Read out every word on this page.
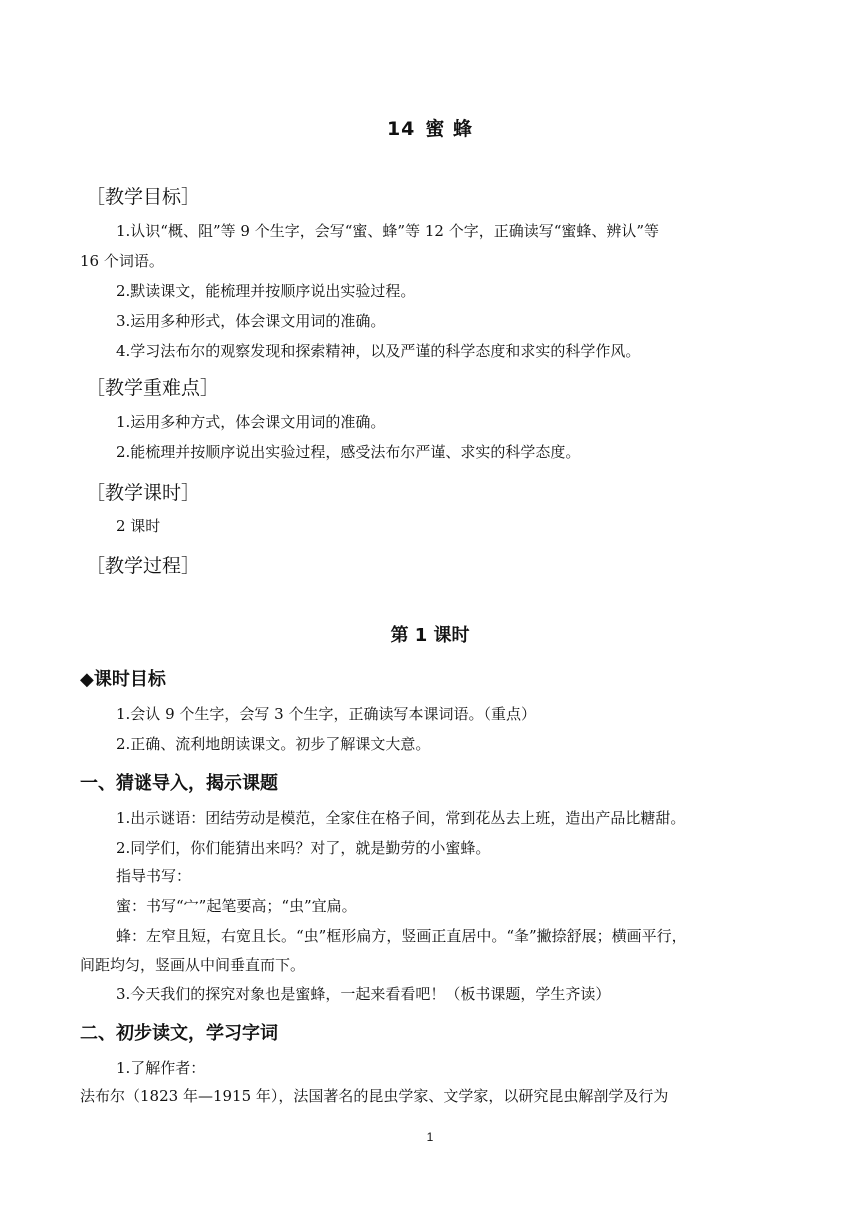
14 蜜 蜂
［教学目标］
1.认识“概、阻”等 9 个生字，会写“蜜、蜂”等 12 个字，正确读写“蜜蜂、辨认”等
16 个词语。
2.默读课文，能梳理并按顺序说出实验过程。
3.运用多种形式，体会课文用词的准确。
4.学习法布尔的观察发现和探索精神，以及严谨的科学态度和求实的科学作风。
［教学重难点］
1.运用多种方式，体会课文用词的准确。
2.能梳理并按顺序说出实验过程，感受法布尔严谨、求实的科学态度。
［教学课时］
2 课时
［教学过程］
第 1 课时
◆课时目标
1.会认 9 个生字，会写 3 个生字，正确读写本课词语。（重点）
2.正确、流利地朗读课文。初步了解课文大意。
一、猜谜导入，揭示课题
1.出示谜语：团结劳动是模范，全家住在格子间，常到花丛去上班，造出产品比糖甜。
2.同学们，你们能猜出来吗？对了，就是勤劳的小蜜蜂。
指导书写：
蜜：书写“宀”起笔要高；“虫”宜扁。
蜂：左窄且短，右宽且长。“虫”框形扁方，竖画正直居中。“夆”撇捺舒展；横画平行，
间距均匀，竖画从中间垂直而下。
3.今天我们的探究对象也是蜜蜂，一起来看看吧！（板书课题，学生齐读）
二、初步读文，学习字词
1.了解作者：
法布尔（1823 年—1915 年），法国著名的昆虫学家、文学家，以研究昆虫解剖学及行为
1
